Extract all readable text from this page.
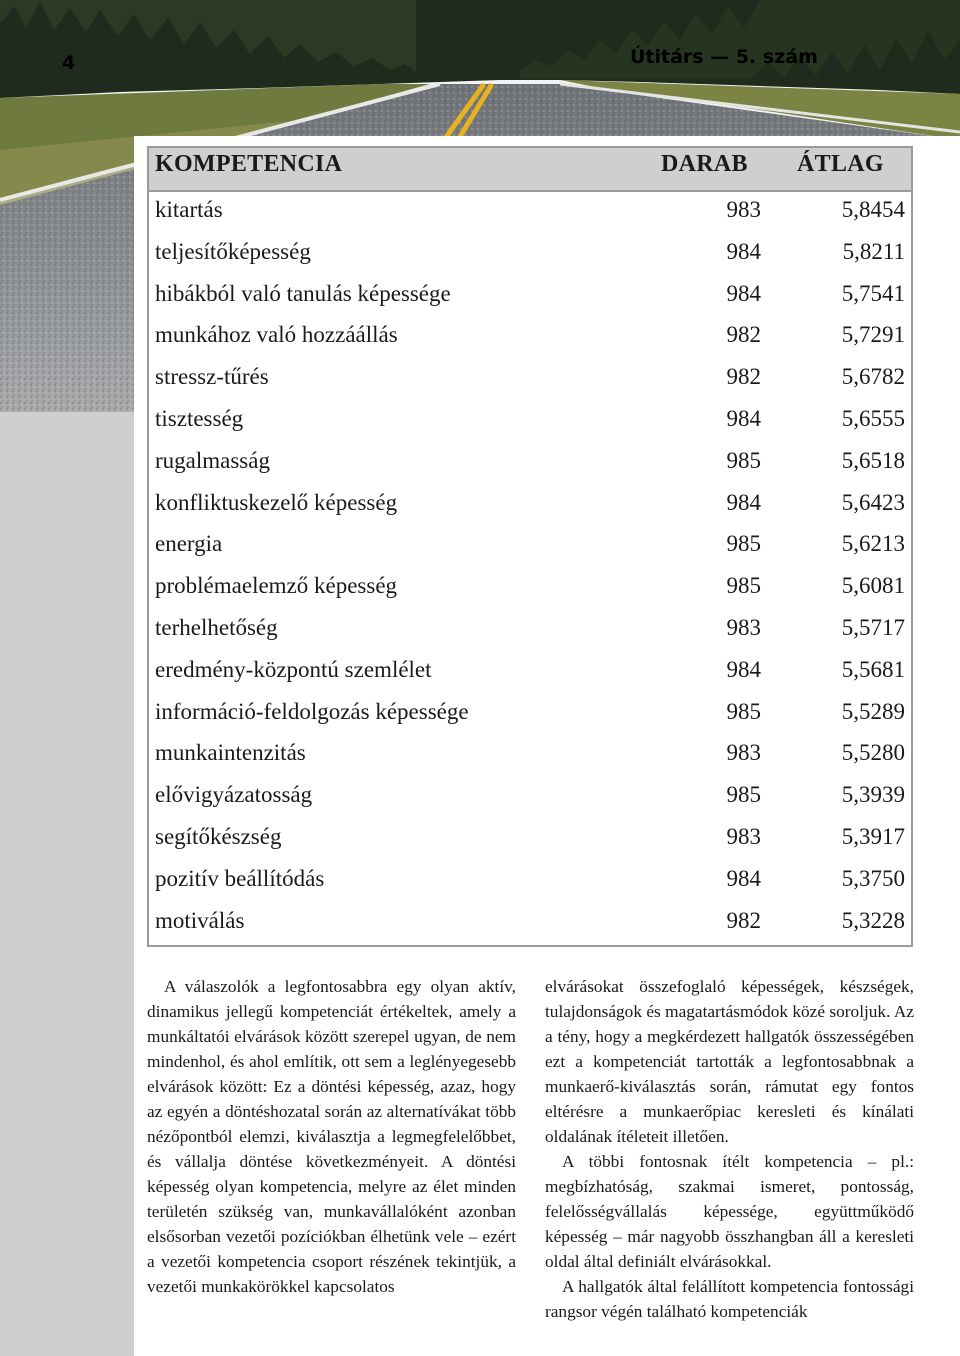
4	Útitárs — 5. szám
KOMPETENCIA	DARAB ÁTLAG
kitartás	983	5,8454
teljesítőképesség	984	5,8211
hibákból való tanulás képessége	984	5,7541
munkához való hozzáállás	982	5,7291
stressz-tűrés	982	5,6782
tisztesség	984	5,6555
rugalmasság	985	5,6518
konfliktuskezelő képesség	984	5,6423
energia	985	5,6213
problémaelemző képesség	985	5,6081
terhelhetőség	983	5,5717
eredmény-központú szemlélet	984	5,5681
információ-feldolgozás képessége	985	5,5289
munkaintenzitás	983	5,5280
elővigyázatosság	985	5,3939
segítőkészség	983	5,3917
pozitív beállítódás	984	5,3750
motiválás	982	5,3228

A válaszolók a legfontosabbra egy olyan aktív, dinamikus jellegű kompetenciát értékeltek, amely a munkáltatói elvárások között szerepel ugyan, de nem mindenhol, és ahol említik, ott sem a leglényegesebb elvárások között: Ez a döntési képesség, azaz, hogy az egyén a döntéshozatal során az alternatívákat több nézőpontból elemzi, kiválasztja a legmegfelelőbbet, és vállalja döntése következményeit. A döntési képesség olyan kompetencia, melyre az élet minden területén szükség van, munkavállalóként azonban elsősorban vezetői pozíciókban élhetünk vele – ezért a vezetői kompetencia csoport részének tekintjük, a vezetői munkakörökkel kapcsolatos

elvárásokat összefoglaló képességek, készségek, tulajdonságok és magatartásmódok közé soroljuk. Az a tény, hogy a megkérdezett hallgatók összességében ezt a kompetenciát tartották a legfontosabbnak a munkaerő-kiválasztás során, rámutat egy fontos eltérésre a munkaerőpiac keresleti és kínálati oldalának ítéleteit illetően.

A többi fontosnak ítélt kompetencia – pl.: megbízhatóság, szakmai ismeret, pontosság, felelősségvállalás képessége, együttműködő képesség – már nagyobb összhangban áll a keresleti oldal által definiált elvárásokkal.

A hallgatók által felállított kompetencia fontossági rangsor végén található kompetenciák
